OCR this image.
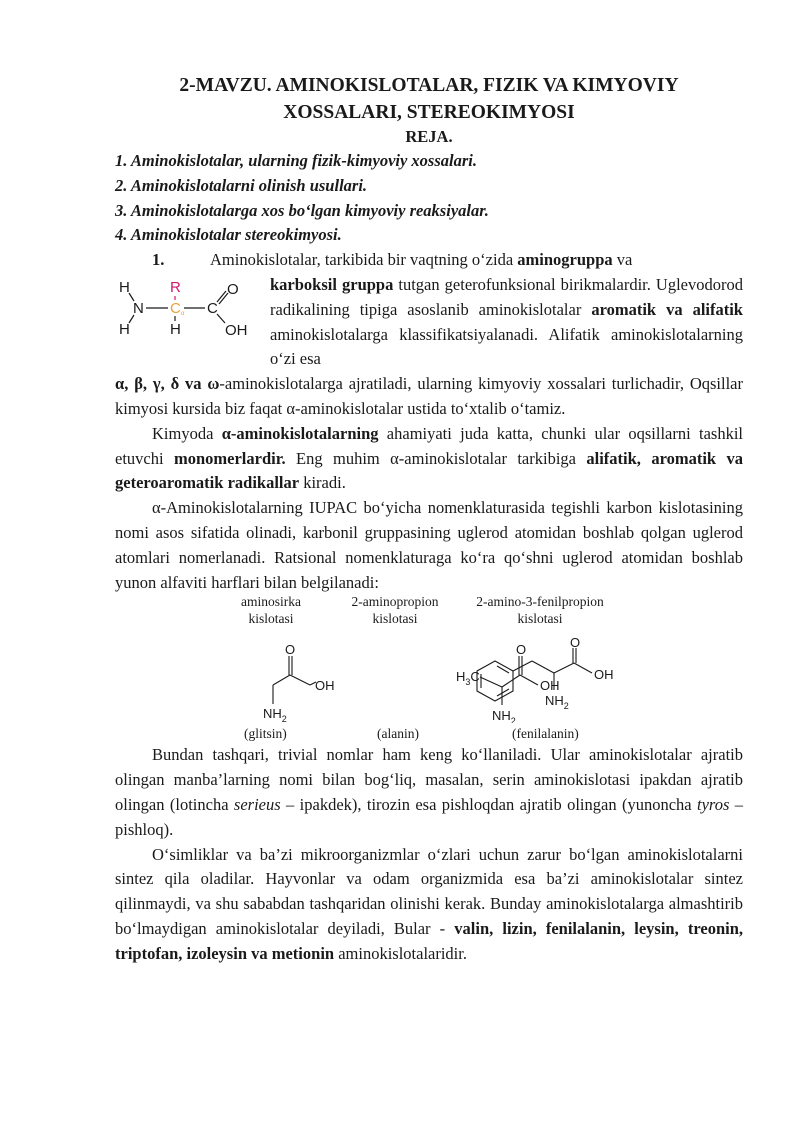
2-MAVZU. AMINOKISLOTALAR, FIZIK VA KIMYOVIY
XOSSALARI, STEREOKIMYOSI
REJA.
1. Aminokislotalar, ularning fizik-kimyoviy xossalari.
2. Aminokislotalarni olinish usullari.
3. Aminokislotalarga xos bo‘lgan kimyoviy reaksiyalar.
4. Aminokislotalar stereokimyosi.
1.	Aminokislotalar, tarkibida bir vaqtning o‘zida aminogruppa va
H
N
H
R
C α
H
C
O
OH
karboksil gruppa tutgan geterofunksional birikmalardir. Uglevodorod radikalining tipiga asoslanib aminokislotalar aromatik va alifatik aminokislotalarga klassifikatsiyalanadi. Alifatik aminokislotalarning o‘zi esa

α, β, γ, δ va ω-aminokislotalarga ajratiladi, ularning kimyoviy xossalari turlichadir, Oqsillar kimyosi kursida biz faqat α-aminokislotalar ustida to‘xtalib o‘tamiz.

Kimyoda α-aminokislotalarning ahamiyati juda katta, chunki ular oqsillarni tashkil etuvchi monomerlardir. Eng muhim α-aminokislotalar tarkibiga alifatik, aromatik va geteroaromatik radikallar kiradi.

α-Aminokislotalarning IUPAC bo‘yicha nomenklaturasida tegishli karbon kislotasining nomi asos sifatida olinadi, karbonil gruppasining uglerod atomidan boshlab qolgan uglerod atomlari nomerlanadi. Ratsional nomenklaturaga ko‘ra qo‘shni uglerod atomidan boshlab yunon alfaviti harflari bilan belgilanadi:

aminosirka
kislotasi
2-aminopropion
kislotasi
2-amino-3-fenilpropion
kislotasi
O
OH
$NH_2$
$H_3C$
O
OH
$NH_2$
O
OH
$NH_2$
(glitsin)	(alanin)	(fenilalanin)

Bundan tashqari, trivial nomlar ham keng ko‘llaniladi. Ular aminokislotalar ajratib olingan manba’larning nomi bilan bog‘liq, masalan, serin aminokislotasi ipakdan ajratib olingan (lotincha serieus – ipakdek), tirozin esa pishloqdan ajratib olingan (yunoncha tyros – pishloq).

O‘simliklar va ba’zi mikroorganizmlar o‘zlari uchun zarur bo‘lgan aminokislotalarni sintez qila oladilar. Hayvonlar va odam organizmida esa ba’zi aminokislotalar sintez qilinmaydi, va shu sababdan tashqaridan olinishi kerak. Bunday aminokislotalarga almashtirib bo‘lmaydigan aminokislotalar deyiladi, Bular - valin, lizin, fenilalanin, leysin, treonin, triptofan, izoleysin va metionin aminokislotalaridir.
